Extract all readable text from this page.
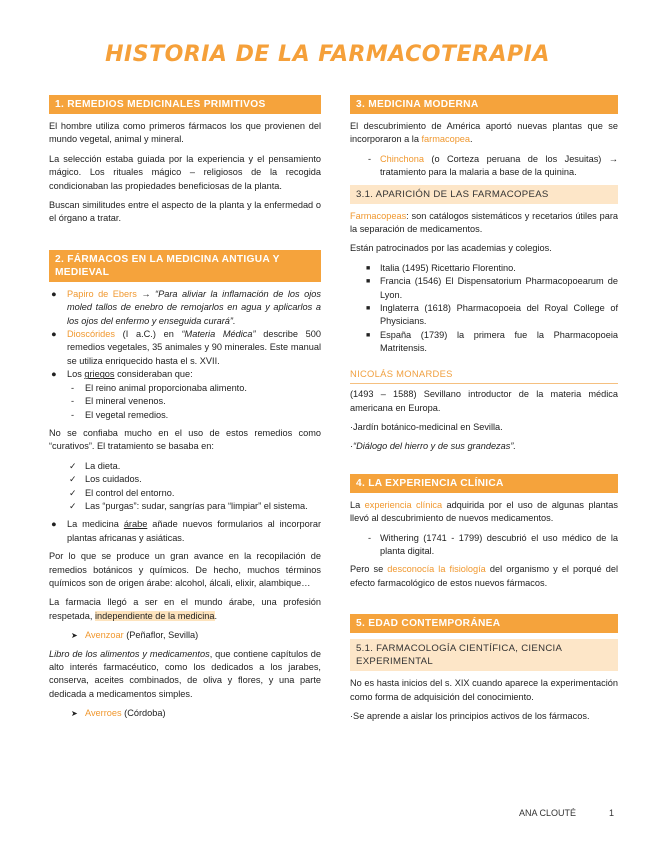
HISTORIA DE LA FARMACOTERAPIA
1. REMEDIOS MEDICINALES PRIMITIVOS

El hombre utiliza como primeros fármacos los que provienen del mundo vegetal, animal y mineral.

La selección estaba guiada por la experiencia y el pensamiento mágico. Los rituales mágico – religiosos de la recogida condicionaban las propiedades beneficiosas de la planta.

Buscan similitudes entre el aspecto de la planta y la enfermedad o el órgano a tratar.

2. FÁRMACOS EN LA MEDICINA ANTIGUA Y MEDIEVAL
● Papiro de Ebers → “Para aliviar la inflamación de los ojos moled tallos de enebro de remojarlos en agua y aplicarlos a los ojos del enfermo y enseguida curará”.
● Dioscórides (I a.C.) en “Materia Médica” describe 500 remedios vegetales, 35 animales y 90 minerales. Este manual se utiliza enriquecido hasta el s. XVII.
● Los griegos consideraban que:
- El reino animal proporcionaba alimento.
- El mineral venenos.
- El vegetal remedios.

No se confiaba mucho en el uso de estos remedios como “curativos”. El tratamiento se basaba en:

✓ La dieta.
✓ Los cuidados.
✓ El control del entorno.
✓ Las “purgas”: sudar, sangrías para “limpiar” el sistema.
● La medicina árabe añade nuevos formularios al incorporar plantas africanas y asiáticas.

Por lo que se produce un gran avance en la recopilación de remedios botánicos y químicos. De hecho, muchos términos químicos son de origen árabe: alcohol, álcali, elixir, alambique…

La farmacia llegó a ser en el mundo árabe, una profesión respetada, independiente de la medicina.

➤ Avenzoar (Peñaflor, Sevilla)

Libro de los alimentos y medicamentos, que contiene capítulos de alto interés farmacéutico, como los dedicados a los jarabes, conserva, aceites combinados, de oliva y flores, y una parte dedicada a medicamentos simples.

➤ Averroes (Córdoba)
3. MEDICINA MODERNA

El descubrimiento de América aportó nuevas plantas que se incorporaron a la farmacopea.

- Chinchona (o Corteza peruana de los Jesuitas) → tratamiento para la malaria a base de la quinina.
3.1. APARICIÓN DE LAS FARMACOPEAS

Farmacopeas: son catálogos sistemáticos y recetarios útiles para la separación de medicamentos.

Están patrocinados por las academias y colegios.

■ Italia (1495) Ricettario Florentino.
■ Francia (1546) El Dispensatorium Pharmacopoearum de Lyon.
■ Inglaterra (1618) Pharmacopoeia del Royal College of Physicians.
■ España (1739) la primera fue la Pharmacopoeia Matritensis.
NICOLÁS MONARDES

(1493 – 1588) Sevillano introductor de la materia médica americana en Europa.

·Jardín botánico-medicinal en Sevilla.

·“Diálogo del hierro y de sus grandezas”.

4. LA EXPERIENCIA CLÍNICA

La experiencia clínica adquirida por el uso de algunas plantas llevó al descubrimiento de nuevos medicamentos.

- Withering (1741 - 1799) descubrió el uso médico de la planta digital.

Pero se desconocía la fisiología del organismo y el porqué del efecto farmacológico de estos nuevos fármacos.

5. EDAD CONTEMPORÁNEA
5.1. FARMACOLOGÍA CIENTÍFICA, CIENCIA EXPERIMENTAL

No es hasta inicios del s. XIX cuando aparece la experimentación como forma de adquisición del conocimiento.

·Se aprende a aislar los principios activos de los fármacos.

ANA CLOUTÉ	1
